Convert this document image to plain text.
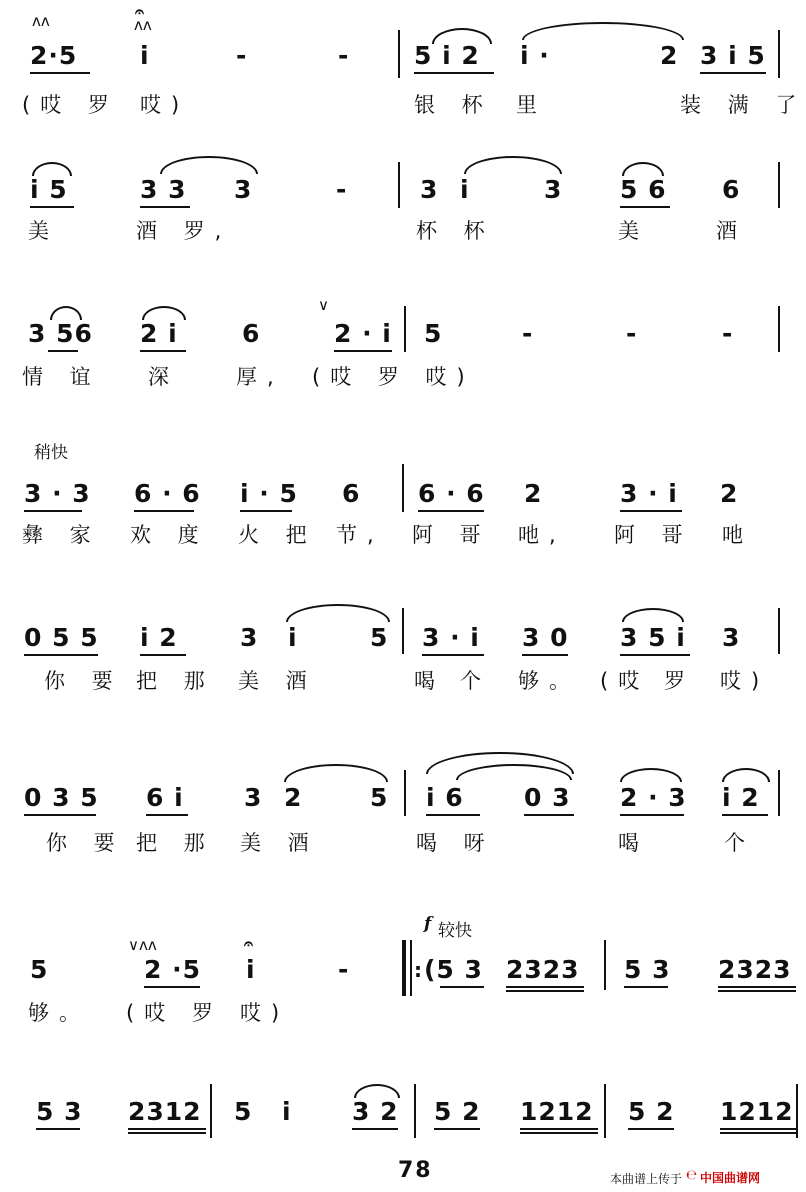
ᴧᴧ	𝄐
ᴧᴧ
2·5	i	-	-	5 i 2 i ·	2 3 i 5
(哎 罗 哎)	银 杯 里	装 满 了
i 5	3 3 3	-	3 i	3 5 6 6
美	酒 罗,	杯 杯	美	酒
∨
3 56 2 i	6	2 · i 5	-	-	-
情 谊 深	厚, (哎 罗 哎)
稍快
3 · 3 6 · 6 i · 5 6 6 · 6 2	3 · i 2
彝 家 欢 度 火 把 节, 阿 哥 吔, 阿 哥 吔
0 5 5 i 2 3 i	5 3 · i 3 0 3 5 i 3
你 要 把 那 美 酒	喝 个 够。 (哎 罗 哎)
0 3 5 6 i 3 2	5 i 6 0 3 2 · 3 i 2
你 要 把 那 美 酒	喝 呀	喝	个
f 较快
∨ᴧᴧ	𝄐
5	2 ·5 i	-	(5 3 2323 5 3 2323
:
够。 (哎 罗 哎)
5 3 2312 5 i 3 2 5 2 1212 5 2 1212
78	本曲谱上传于 ℮ 中国曲谱网
